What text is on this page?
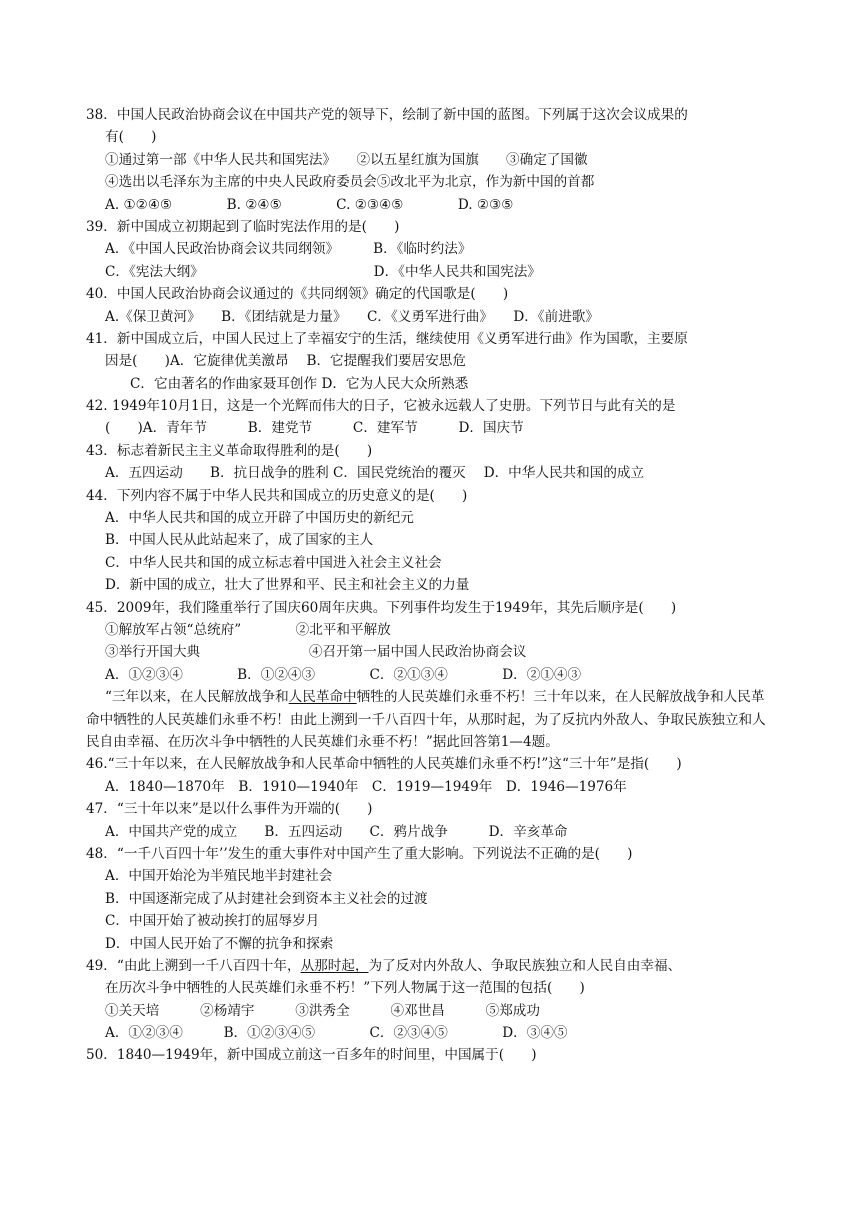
38．中国人民政治协商会议在中国共产党的领导下，绘制了新中国的蓝图。下列属于这次会议成果的
有(　　)
①通过第一部《中华人民共和国宪法》　　②以五星红旗为国旗　　③确定了国徽
④选出以毛泽东为主席的中央人民政府委员会⑤改北平为北京，作为新中国的首都
A. ①②④⑤　　　　B. ②④⑤　　　　C. ②③④⑤　　　　D. ②③⑤
39．新中国成立初期起到了临时宪法作用的是(　　)
A．《中国人民政治协商会议共同纲领》　　　B．《临时约法》
C．《宪法大纲》　　　　　　　　　　　　　D．《中华人民共和国宪法》
40．中国人民政治协商会议通过的《共同纲领》确定的代国歌是(　　)
A.《保卫黄河》　　B．《团结就是力量》　　C．《义勇军进行曲》　　D．《前进歌》
41．新中国成立后，中国人民过上了幸福安宁的生活，继续使用《义勇军进行曲》作为国歌，主要原
因是(　　)A．它旋律优美激昂　 B．它提醒我们要居安思危
C．它由著名的作曲家聂耳创作 D．它为人民大众所熟悉
42. 1949年10月1日，这是一个光辉而伟大的日子，它被永远载人了史册。下列节日与此有关的是
(　　)A．青年节　　　B．建党节　　　C．建军节　　　D．国庆节
43．标志着新民主主义革命取得胜利的是(　　)
A．五四运动　　B．抗日战争的胜利 C．国民党统治的覆灭　 D．中华人民共和国的成立
44．下列内容不属于中华人民共和国成立的历史意义的是(　　)
A．中华人民共和国的成立开辟了中国历史的新纪元
B．中国人民从此站起来了，成了国家的主人
C．中华人民共和国的成立标志着中国进入社会主义社会
D．新中国的成立，壮大了世界和平、民主和社会主义的力量
45．2009年，我们隆重举行了国庆60周年庆典。下列事件均发生于1949年，其先后顺序是(　　)
①解放军占领“总统府”　　　　②北平和平解放
③举行开国大典　　　　　　　　④召开第一届中国人民政治协商会议
A．①②③④　　　　B．①②④③　　　　C．②①③④　　　　D．②①④③
“三年以来，在人民解放战争和人民革命中牺牲的人民英雄们永垂不朽！三十年以来，在人民解放战争和人民革命中牺牲的人民英雄们永垂不朽！由此上溯到一千八百四十年，从那时起，为了反抗内外敌人、争取民族独立和人民自由幸福、在历次斗争中牺牲的人民英雄们永垂不朽！”据此回答第1—4题。
46.“三十年以来，在人民解放战争和人民革命中牺牲的人民英雄们永垂不朽!”这“三十年”是指(　　)
A．1840—1870年　B．1910—1940年　C．1919—1949年　D．1946—1976年
47．“三十年以来”是以什么事件为开端的(　　)
A．中国共产党的成立　　B．五四运动　　C．鸦片战争　　　D．辛亥革命
48．“一千八百四十年’’发生的重大事件对中国产生了重大影响。下列说法不正确的是(　　)
A．中国开始沦为半殖民地半封建社会
B．中国逐渐完成了从封建社会到资本主义社会的过渡
C．中国开始了被动挨打的屈辱岁月
D．中国人民开始了不懈的抗争和探索
49．“由此上溯到一千八百四十年，从那时起，为了反对内外敌人、争取民族独立和人民自由幸福、
在历次斗争中牺牲的人民英雄们永垂不朽！”下列人物属于这一范围的包括(　　)
①关天培　　　②杨靖宇　　　③洪秀全　　　④邓世昌　　　⑤郑成功
A．①②③④　　　B．①②③④⑤　　　　C．②③④⑤　　　　D．③④⑤
50．1840—1949年，新中国成立前这一百多年的时间里，中国属于(　　)
